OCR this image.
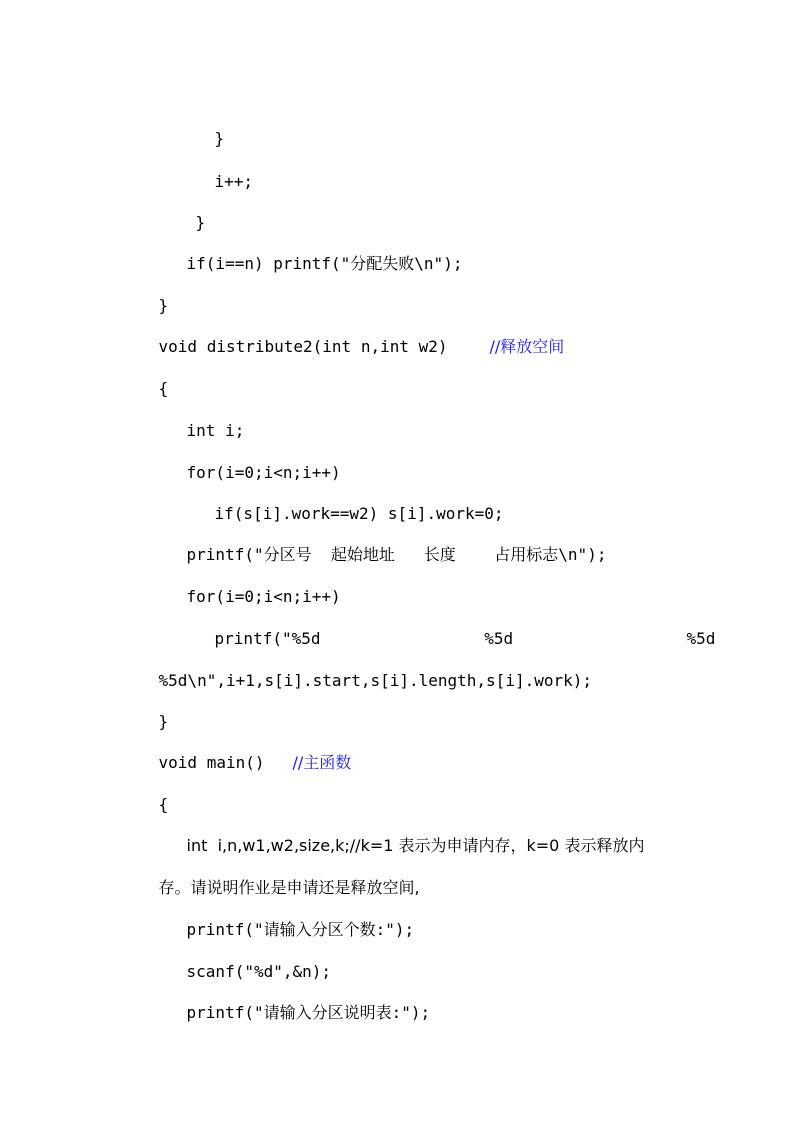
}

i++;

}

if(i==n) printf("分配失败\n");

}

void distribute2(int n,int w2)	//释放空间

{

int i;

for(i=0;i<n;i++)

if(s[i].work==w2) s[i].work=0;

printf("分区号  起始地址   长度    占用标志\n");

for(i=0;i<n;i++)

printf("%5d                 %5d                  %5d

%5d\n",i+1,s[i].start,s[i].length,s[i].work);

}

void main() //主函数

{

int  i,n,w1,w2,size,k;//k=1 表示为申请内存，k=0 表示释放内

存。请说明作业是申请还是释放空间,

printf("请输入分区个数:");

scanf("%d",&n);

printf("请输入分区说明表:");
